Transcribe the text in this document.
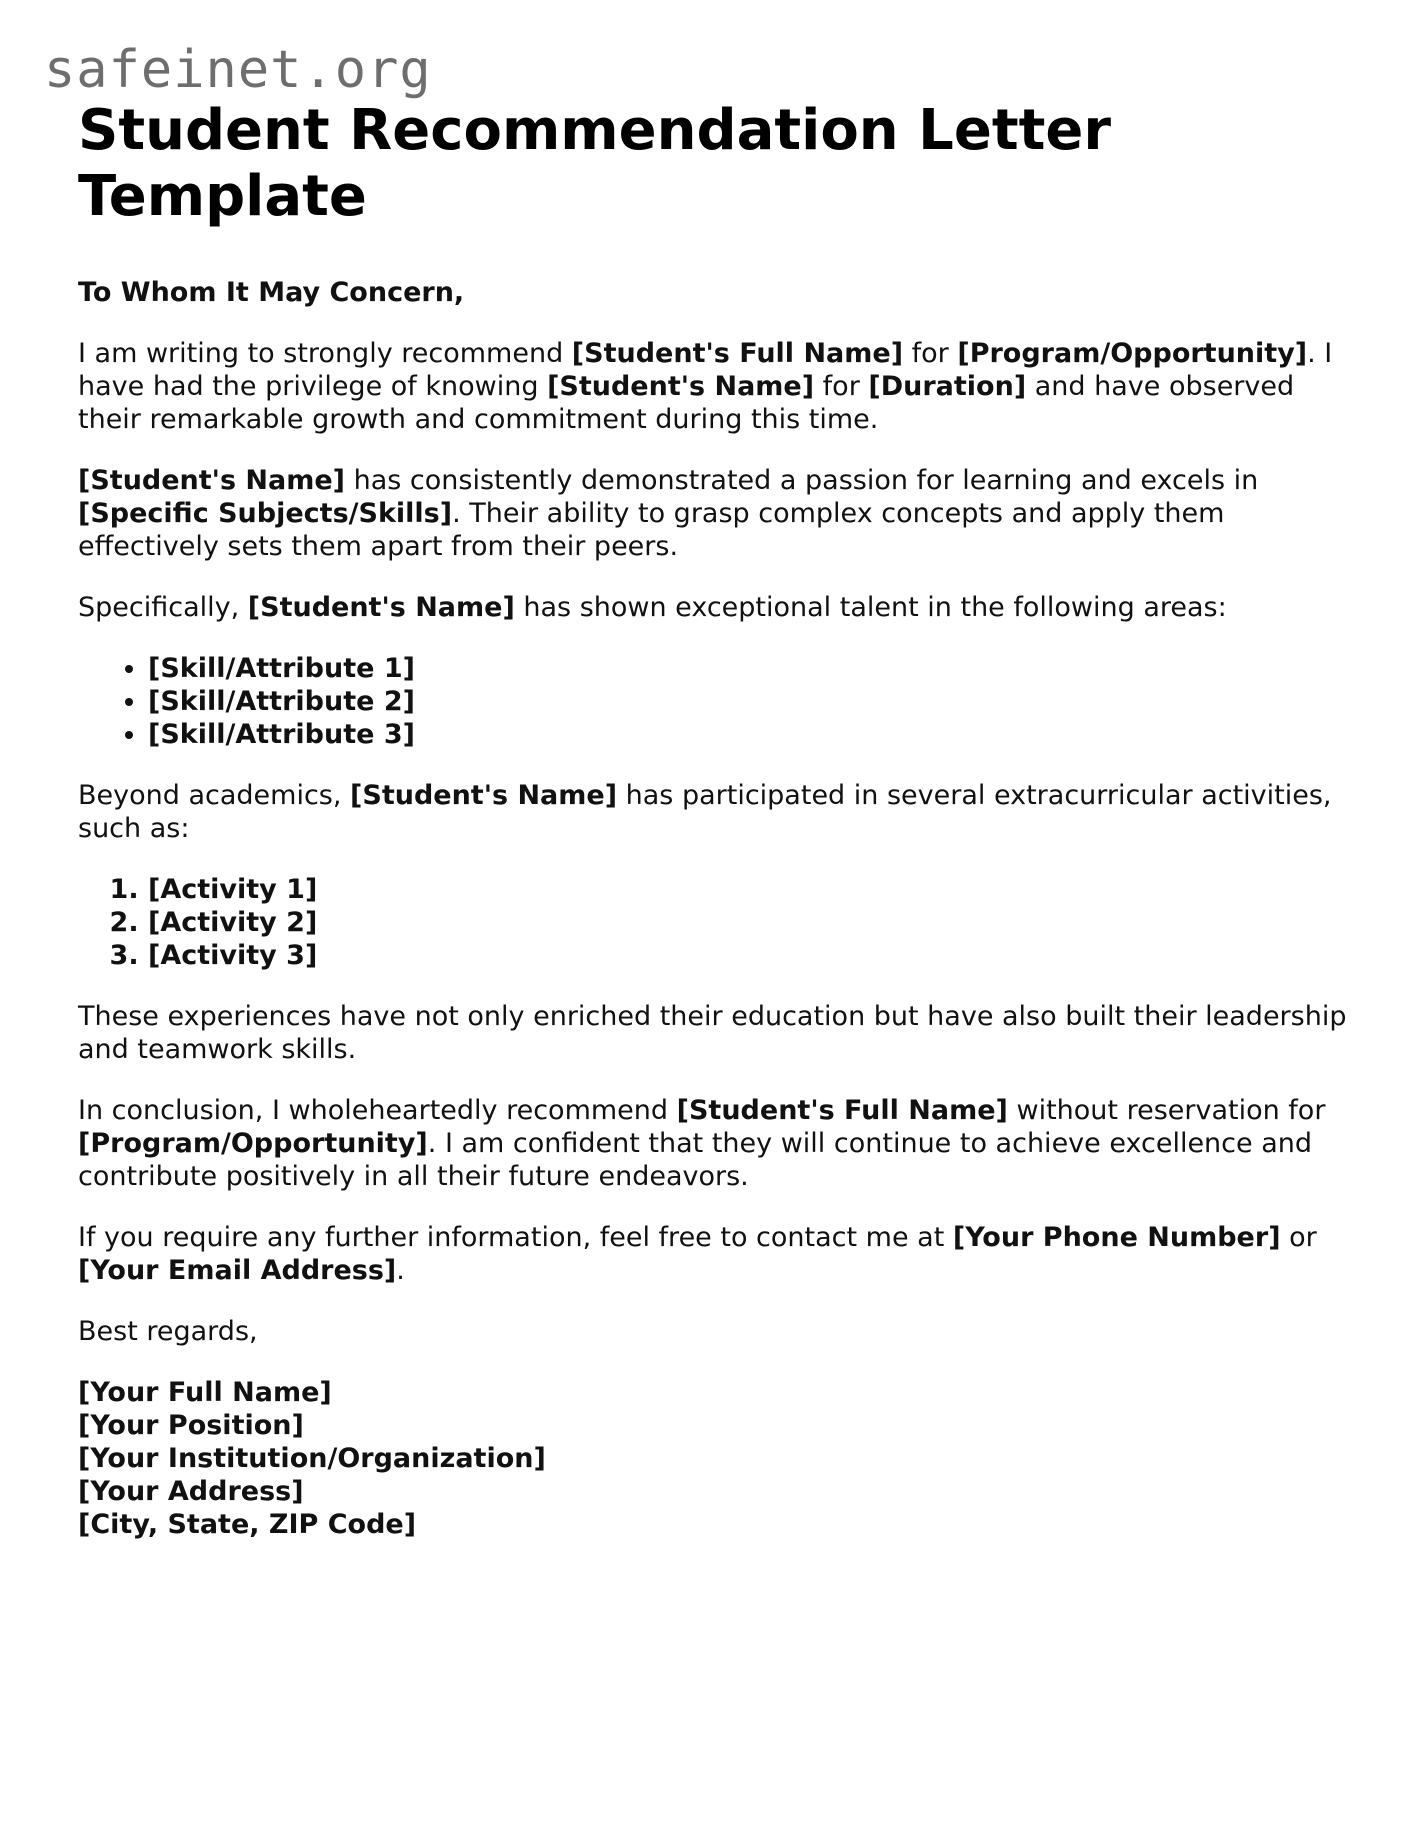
safeinet.org
Student Recommendation Letter Template

To Whom It May Concern,

I am writing to strongly recommend [Student's Full Name] for [Program/Opportunity]. I have had the privilege of knowing [Student's Name] for [Duration] and have observed their remarkable growth and commitment during this time.

[Student's Name] has consistently demonstrated a passion for learning and excels in [Specific Subjects/Skills]. Their ability to grasp complex concepts and apply them effectively sets them apart from their peers.

Specifically, [Student's Name] has shown exceptional talent in the following areas:

• [Skill/Attribute 1]
• [Skill/Attribute 2]
• [Skill/Attribute 3]

Beyond academics, [Student's Name] has participated in several extracurricular activities, such as:

1. [Activity 1]
2. [Activity 2]
3. [Activity 3]

These experiences have not only enriched their education but have also built their leadership and teamwork skills.

In conclusion, I wholeheartedly recommend [Student's Full Name] without reservation for [Program/Opportunity]. I am confident that they will continue to achieve excellence and contribute positively in all their future endeavors.

If you require any further information, feel free to contact me at [Your Phone Number] or [Your Email Address].

Best regards,

[Your Full Name]
[Your Position]
[Your Institution/Organization]
[Your Address]
[City, State, ZIP Code]
